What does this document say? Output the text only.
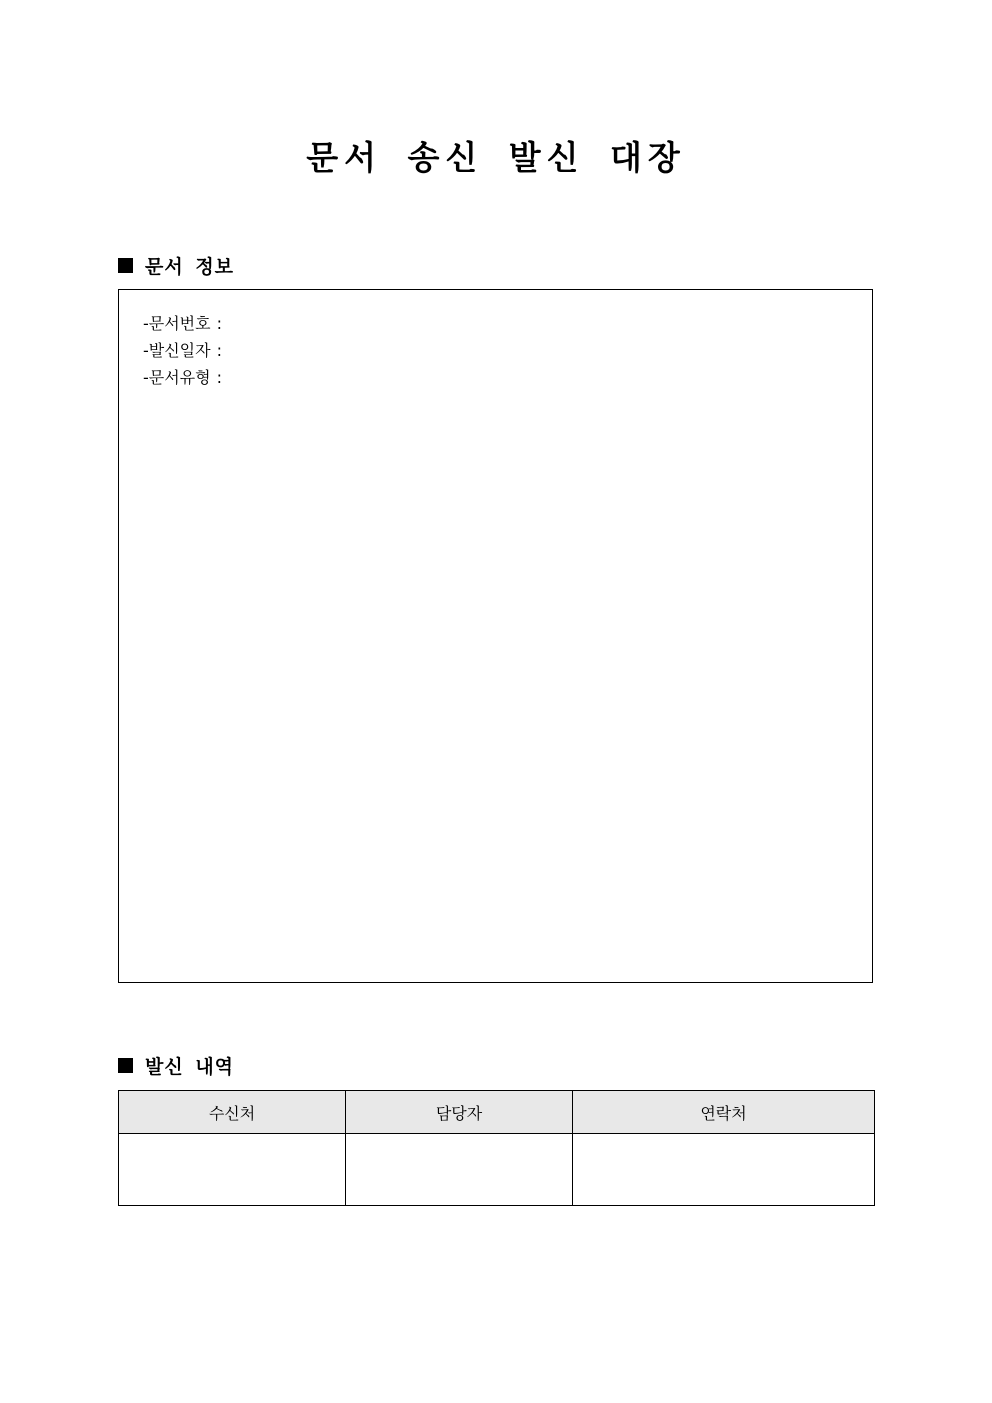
문서 송신 발신 대장
문서 정보
-문서번호 :
-발신일자 :
-문서유형 :
발신 내역
수신처	담당자	연락처
